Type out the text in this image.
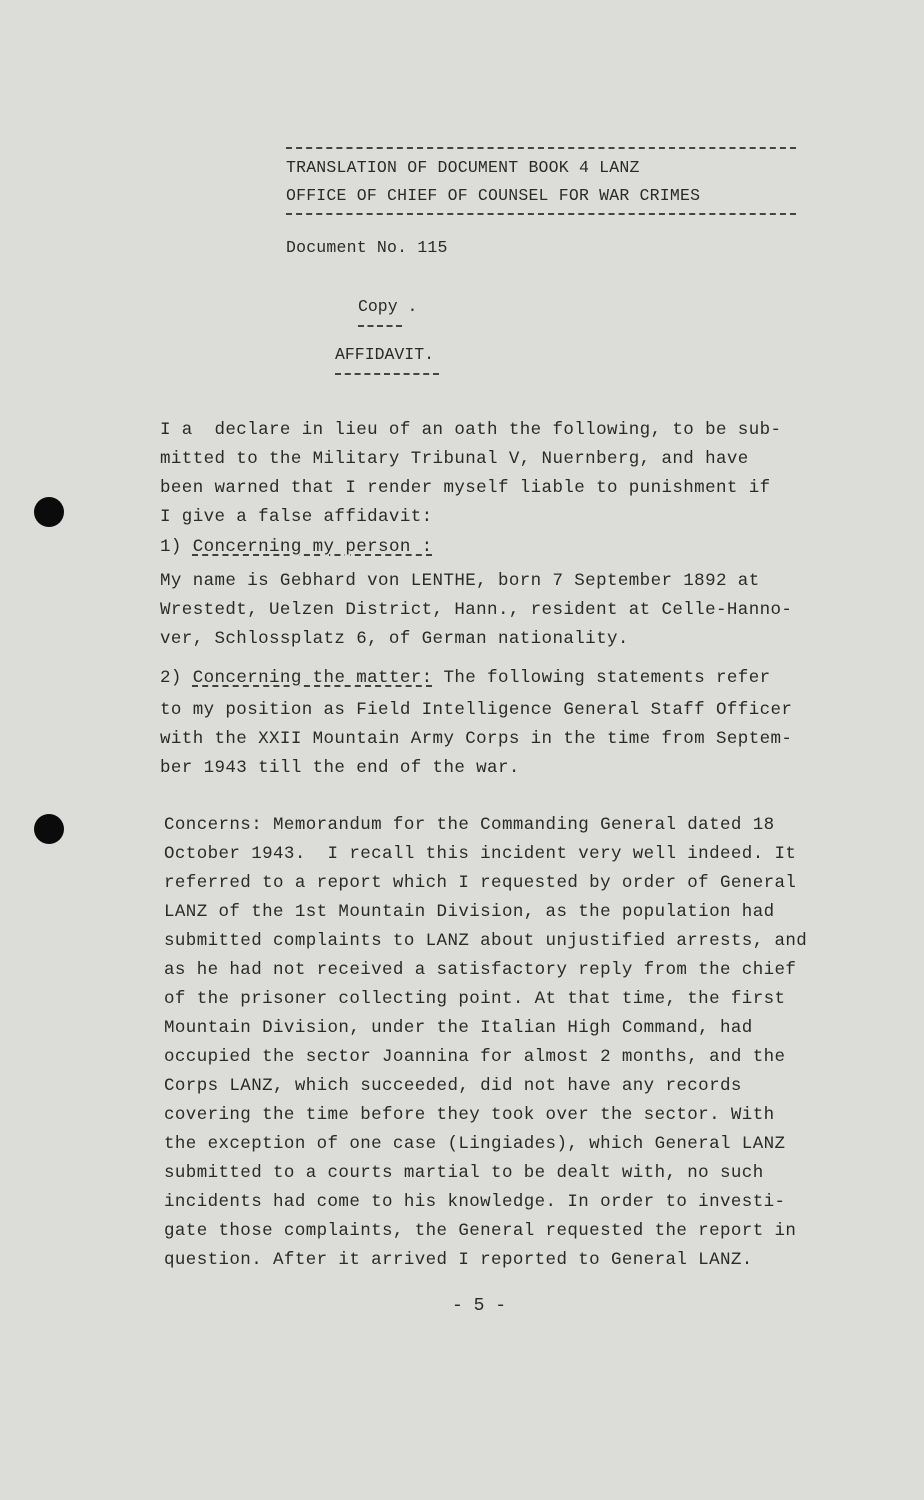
TRANSLATION OF DOCUMENT BOOK 4 LANZ
OFFICE OF CHIEF OF COUNSEL FOR WAR CRIMES
Document No. 115
Copy .
AFFIDAVIT.
I a  declare in lieu of an oath the following, to be sub-
mitted to the Military Tribunal V, Nuernberg, and have
been warned that I render myself liable to punishment if
I give a false affidavit:
1) Concerning my person :
My name is Gebhard von LENTHE, born 7 September 1892 at
Wrestedt, Uelzen District, Hann., resident at Celle-Hanno-
ver, Schlossplatz 6, of German nationality.
2) Concerning the matter: The following statements refer
to my position as Field Intelligence General Staff Officer
with the XXII Mountain Army Corps in the time from Septem-
ber 1943 till the end of the war.
Concerns: Memorandum for the Commanding General dated 18
October 1943.  I recall this incident very well indeed. It
referred to a report which I requested by order of General
LANZ of the 1st Mountain Division, as the population had
submitted complaints to LANZ about unjustified arrests, and
as he had not received a satisfactory reply from the chief
of the prisoner collecting point. At that time, the first
Mountain Division, under the Italian High Command, had
occupied the sector Joannina for almost 2 months, and the
Corps LANZ, which succeeded, did not have any records
covering the time before they took over the sector. With
the exception of one case (Lingiades), which General LANZ
submitted to a courts martial to be dealt with, no such
incidents had come to his knowledge. In order to investi-
gate those complaints, the General requested the report in
question. After it arrived I reported to General LANZ.
- 5 -
